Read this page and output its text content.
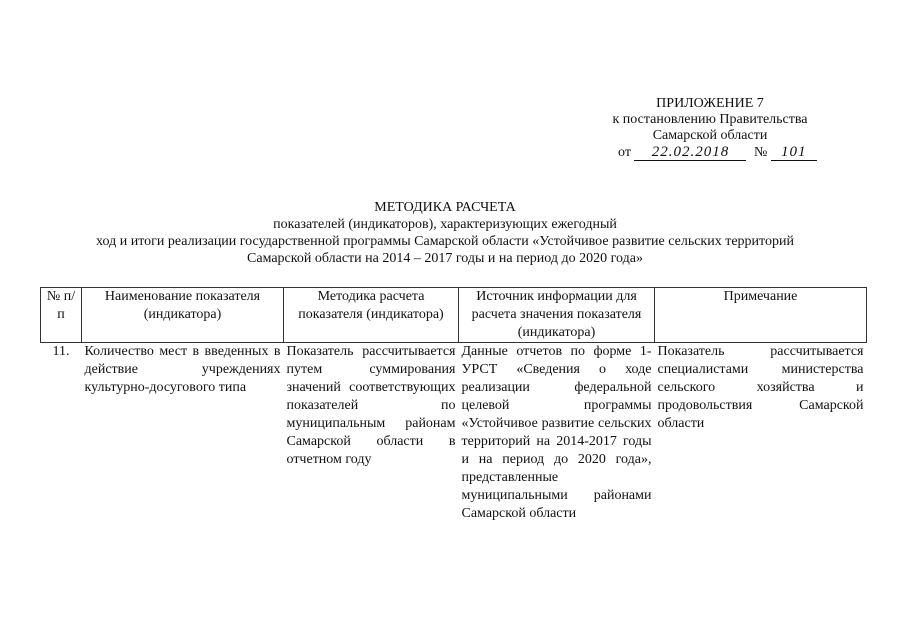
ПРИЛОЖЕНИЕ 7
к постановлению Правительства
Самарской области
от 22.02.2018 № 101
МЕТОДИКА РАСЧЕТА
показателей (индикаторов), характеризующих ежегодный
ход и итоги реализации государственной программы Самарской области «Устойчивое развитие сельских территорий
Самарской области на 2014 – 2017 годы и на период до 2020 года»
№ п/п	Наименование показателя (индикатора)	Методика расчета показателя (индикатора)	Источник информации для расчета значения показателя (индикатора)	Примечание
11.	Количество мест в введенных в действие учреждениях культурно-досугового типа	Показатель рассчитывается путем суммирования значений соответствующих показателей по муниципальным районам Самарской области в отчетном году	Данные отчетов по форме 1-УРСТ «Сведения о ходе реализации федеральной целевой программы «Устойчивое развитие сельских территорий на 2014-2017 годы и на период до 2020 года», представленные муниципальными районами Самарской области	Показатель рассчитывается специалистами министерства сельского хозяйства и продовольствия Самарской области
